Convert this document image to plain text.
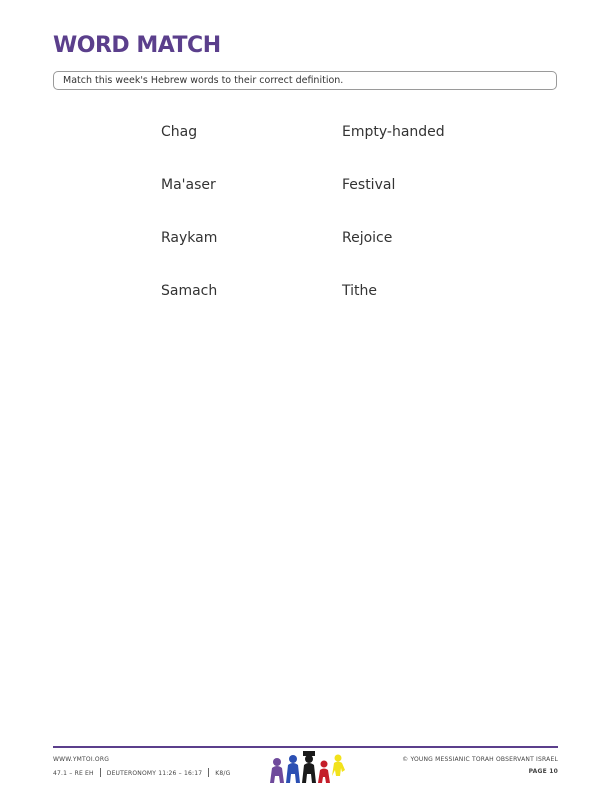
WORD MATCH
Match this week's Hebrew words to their correct definition.
Chag
Ma'aser
Raykam
Samach
Empty-handed
Festival
Rejoice
Tithe
WWW.YMTOI.ORG
47.1 – RE EH DEUTERONOMY 11:26 – 16:17 K8/G
© YOUNG MESSIANIC TORAH OBSERVANT ISRAEL
PAGE 10
